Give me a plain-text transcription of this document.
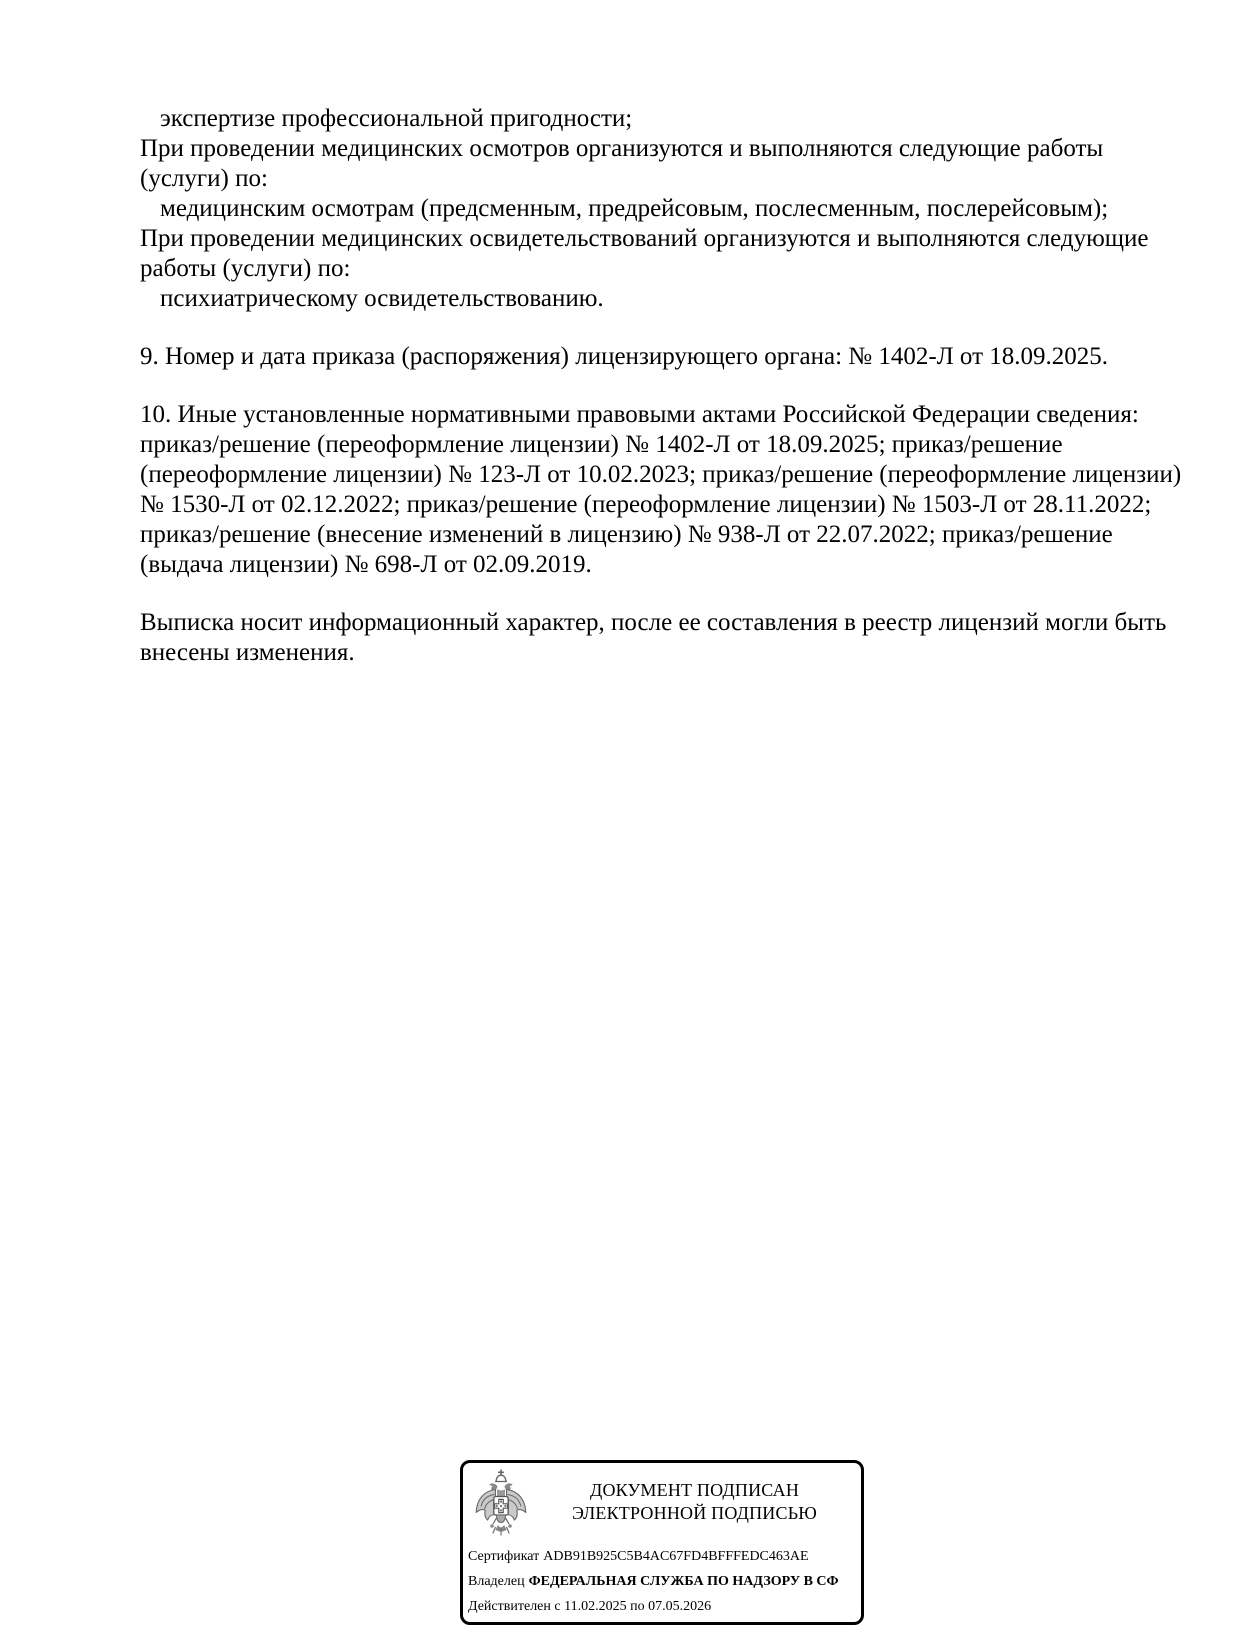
экспертизе профессиональной пригодности;
При проведении медицинских осмотров организуются и выполняются следующие работы
(услуги) по:
медицинским осмотрам (предсменным, предрейсовым, послесменным, послерейсовым);
При проведении медицинских освидетельствований организуются и выполняются следующие
работы (услуги) по:
психиатрическому освидетельствованию.
9. Номер и дата приказа (распоряжения) лицензирующего органа: № 1402-Л от 18.09.2025.
10. Иные установленные нормативными правовыми актами Российской Федерации сведения:
приказ/решение (переоформление лицензии) № 1402-Л от 18.09.2025; приказ/решение
(переоформление лицензии) № 123-Л от 10.02.2023; приказ/решение (переоформление лицензии)
№ 1530-Л от 02.12.2022; приказ/решение (переоформление лицензии) № 1503-Л от 28.11.2022;
приказ/решение (внесение изменений в лицензию) № 938-Л от 22.07.2022; приказ/решение
(выдача лицензии) № 698-Л от 02.09.2019.
Выписка носит информационный характер, после ее составления в реестр лицензий могли быть
внесены изменения.
ДОКУМЕНТ ПОДПИСАН
ЭЛЕКТРОННОЙ ПОДПИСЬЮ
Сертификат ADB91B925C5B4AC67FD4BFFFEDC463AE
Владелец ФЕДЕРАЛЬНАЯ СЛУЖБА ПО НАДЗОРУ В СФ
Действителен с 11.02.2025 по 07.05.2026
